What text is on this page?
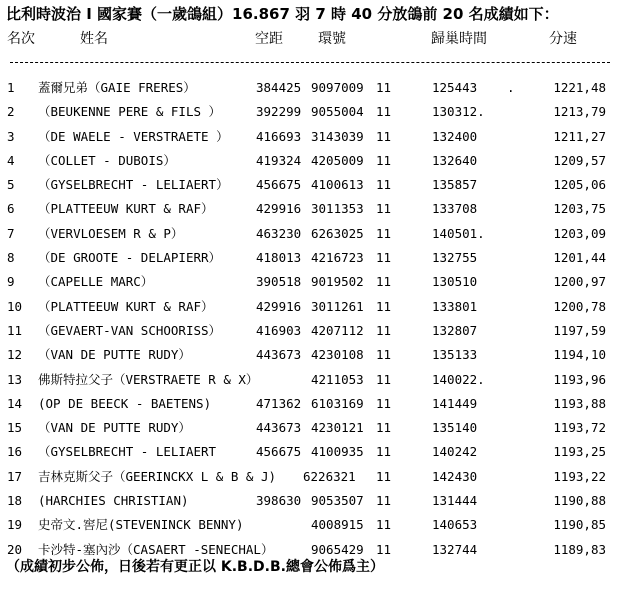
比利時波治 I 國家賽（一歲鴿組）16.867 羽 7 時 40 分放鴿前 20 名成績如下：
名次	姓名	空距	環號	歸巢時間	分速
1 蓋爾兄弟（GAIE FRERES）	384425 9097009 11	125443 .	1221,48
2 （BEUKENNE PERE & FILS ）	392299 9055004 11	130312.	1213,79
3 （DE WAELE - VERSTRAETE ） 416693 3143039 11	132400	1211,27
4 （COLLET - DUBOIS）	419324 4205009 11	132640	1209,57
5 （GYSELBRECHT - LELIAERT） 456675 4100613 11	135857	1205,06
6 （PLATTEEUW KURT & RAF）	429916 3011353 11	133708	1203,75
7 （VERVLOESEM R & P）	463230 6263025 11	140501.	1203,09
8 （DE GROOTE - DELAPIERR）	418013 4216723 11	132755	1201,44
9 （CAPELLE MARC）	390518 9019502 11	130510	1200,97
10 （PLATTEEUW KURT & RAF）	429916 3011261 11	133801	1200,78
11 （GEVAERT-VAN SCHOORISS）	416903 4207112 11	132807	1197,59
12 （VAN DE PUTTE RUDY）	443673 4230108 11	135133	1194,10
13 佛斯特拉父子（VERSTRAETE R & X）	4211053 11	140022.	1193,96
14 (OP DE BEECK - BAETENS)	471362 6103169 11	141449	1193,88
15 （VAN DE PUTTE RUDY）	443673 4230121 11	135140	1193,72
16 （GYSELBRECHT - LELIAERT	456675 4100935 11	140242	1193,25
17 吉林克斯父子（GEERINCKX L & B & J) 6226321 11	142430	1193,22
18 (HARCHIES CHRISTIAN)	398630 9053507 11	131444	1190,88
19 史帝文.窖尼(STEVENINCK BENNY)	4008915 11	140653	1190,85
20 卡沙特-塞內沙（CASAERT -SENECHAL）	9065429 11	132744	1189,83
（成績初步公佈，日後若有更正以 K.B.D.B.總會公佈爲主）
